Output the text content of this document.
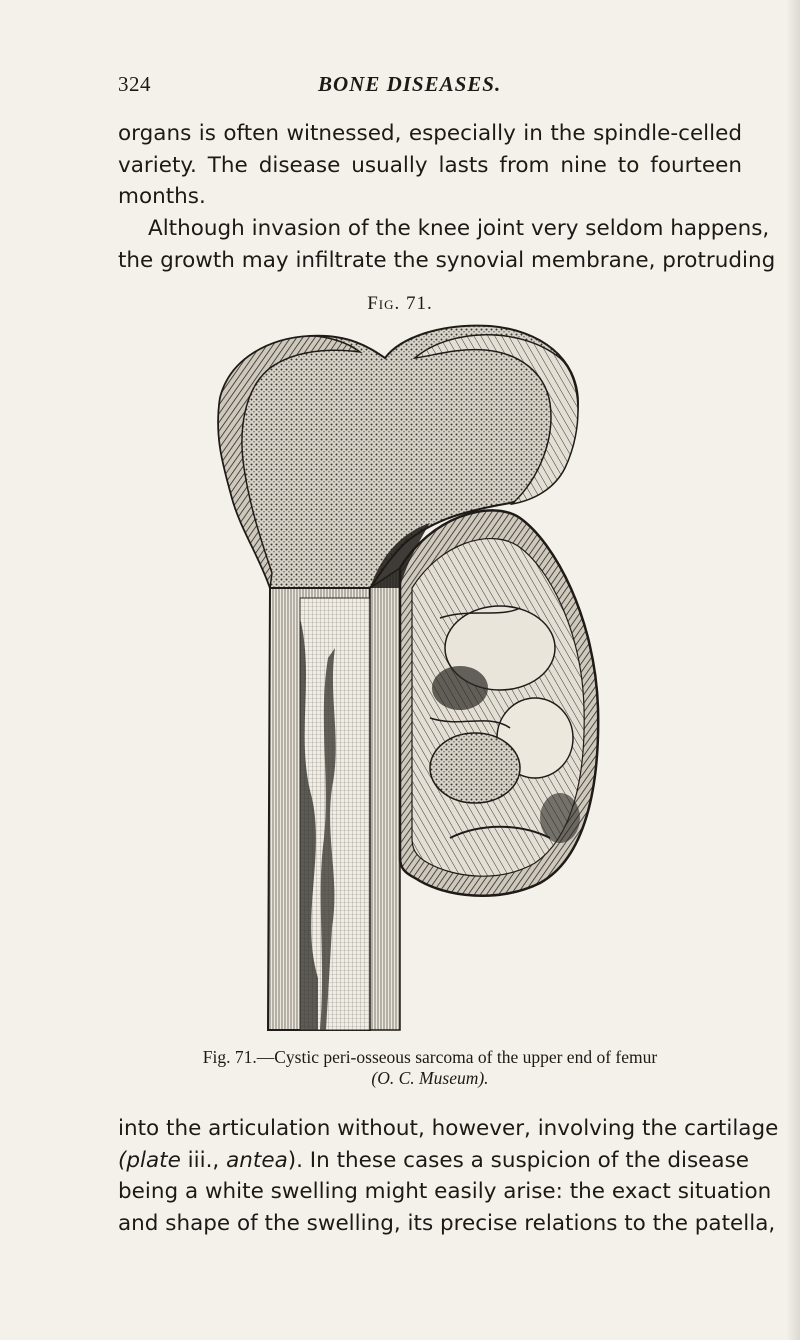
324	BONE DISEASES.
organs is often witnessed, especially in the spindle-celled
variety. The disease usually lasts from nine to fourteen
months.
Although invasion of the knee joint very seldom happens,
the growth may infiltrate the synovial membrane, protruding
Fig. 71.
Fig. 71.—Cystic peri-osseous sarcoma of the upper end of femur
(O. C. Museum).
into the articulation without, however, involving the cartilage
(plate iii., antea). In these cases a suspicion of the disease
being a white swelling might easily arise: the exact situation
and shape of the swelling, its precise relations to the patella,
